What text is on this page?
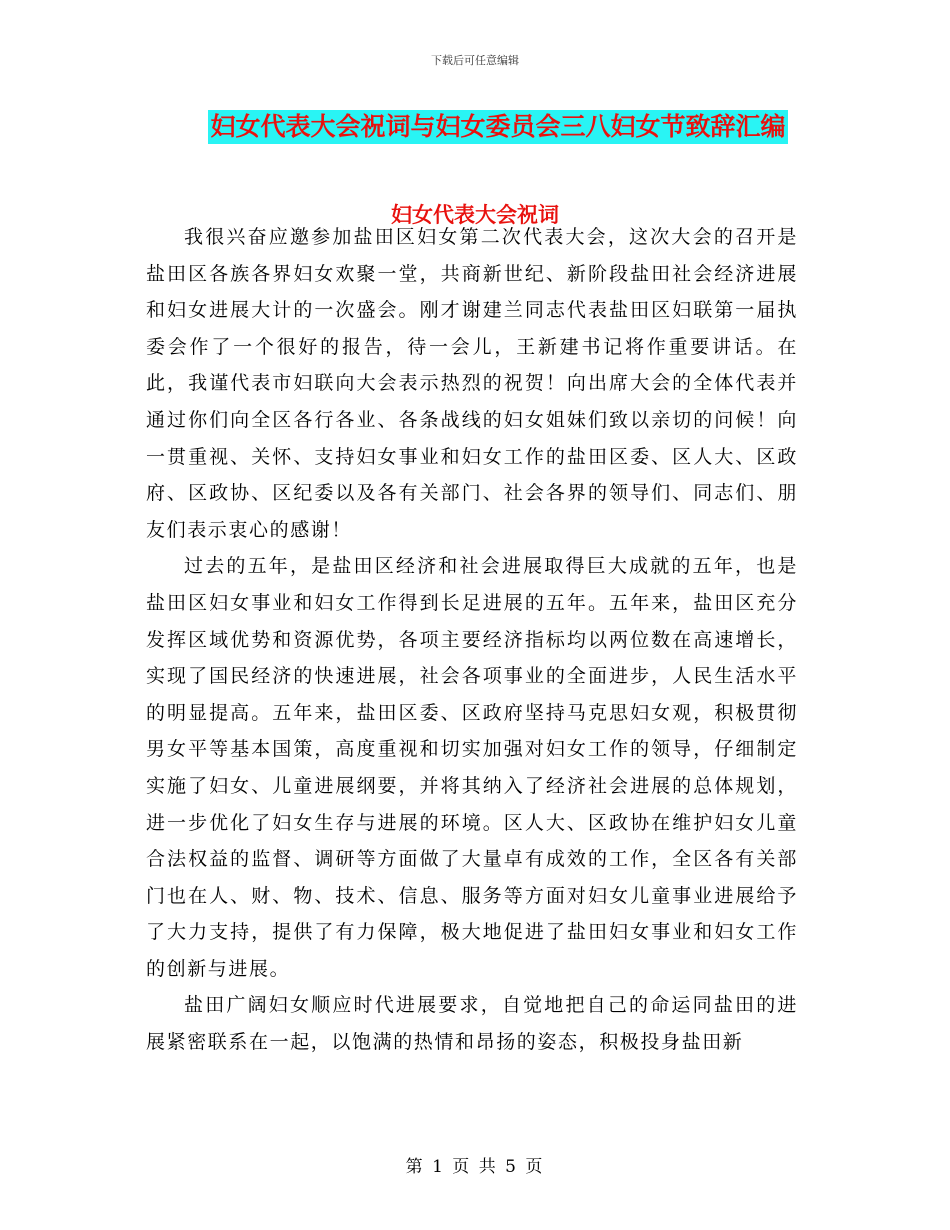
下载后可任意编辑
妇女代表大会祝词与妇女委员会三八妇女节致辞汇编
妇女代表大会祝词

我很兴奋应邀参加盐田区妇女第二次代表大会，这次大会的召开是盐田区各族各界妇女欢聚一堂，共商新世纪、新阶段盐田社会经济进展和妇女进展大计的一次盛会。刚才谢建兰同志代表盐田区妇联第一届执委会作了一个很好的报告，待一会儿，王新建书记将作重要讲话。在此，我谨代表市妇联向大会表示热烈的祝贺！向出席大会的全体代表并通过你们向全区各行各业、各条战线的妇女姐妹们致以亲切的问候！向一贯重视、关怀、支持妇女事业和妇女工作的盐田区委、区人大、区政府、区政协、区纪委以及各有关部门、社会各界的领导们、同志们、朋友们表示衷心的感谢！

过去的五年，是盐田区经济和社会进展取得巨大成就的五年，也是盐田区妇女事业和妇女工作得到长足进展的五年。五年来，盐田区充分发挥区域优势和资源优势，各项主要经济指标均以两位数在高速增长，实现了国民经济的快速进展，社会各项事业的全面进步，人民生活水平的明显提高。五年来，盐田区委、区政府坚持马克思妇女观，积极贯彻男女平等基本国策，高度重视和切实加强对妇女工作的领导，仔细制定实施了妇女、儿童进展纲要，并将其纳入了经济社会进展的总体规划，进一步优化了妇女生存与进展的环境。区人大、区政协在维护妇女儿童合法权益的监督、调研等方面做了大量卓有成效的工作，全区各有关部门也在人、财、物、技术、信息、服务等方面对妇女儿童事业进展给予了大力支持，提供了有力保障，极大地促进了盐田妇女事业和妇女工作的创新与进展。

盐田广阔妇女顺应时代进展要求，自觉地把自己的命运同盐田的进展紧密联系在一起，以饱满的热情和昂扬的姿态，积极投身盐田新

第 1 页 共 5 页
